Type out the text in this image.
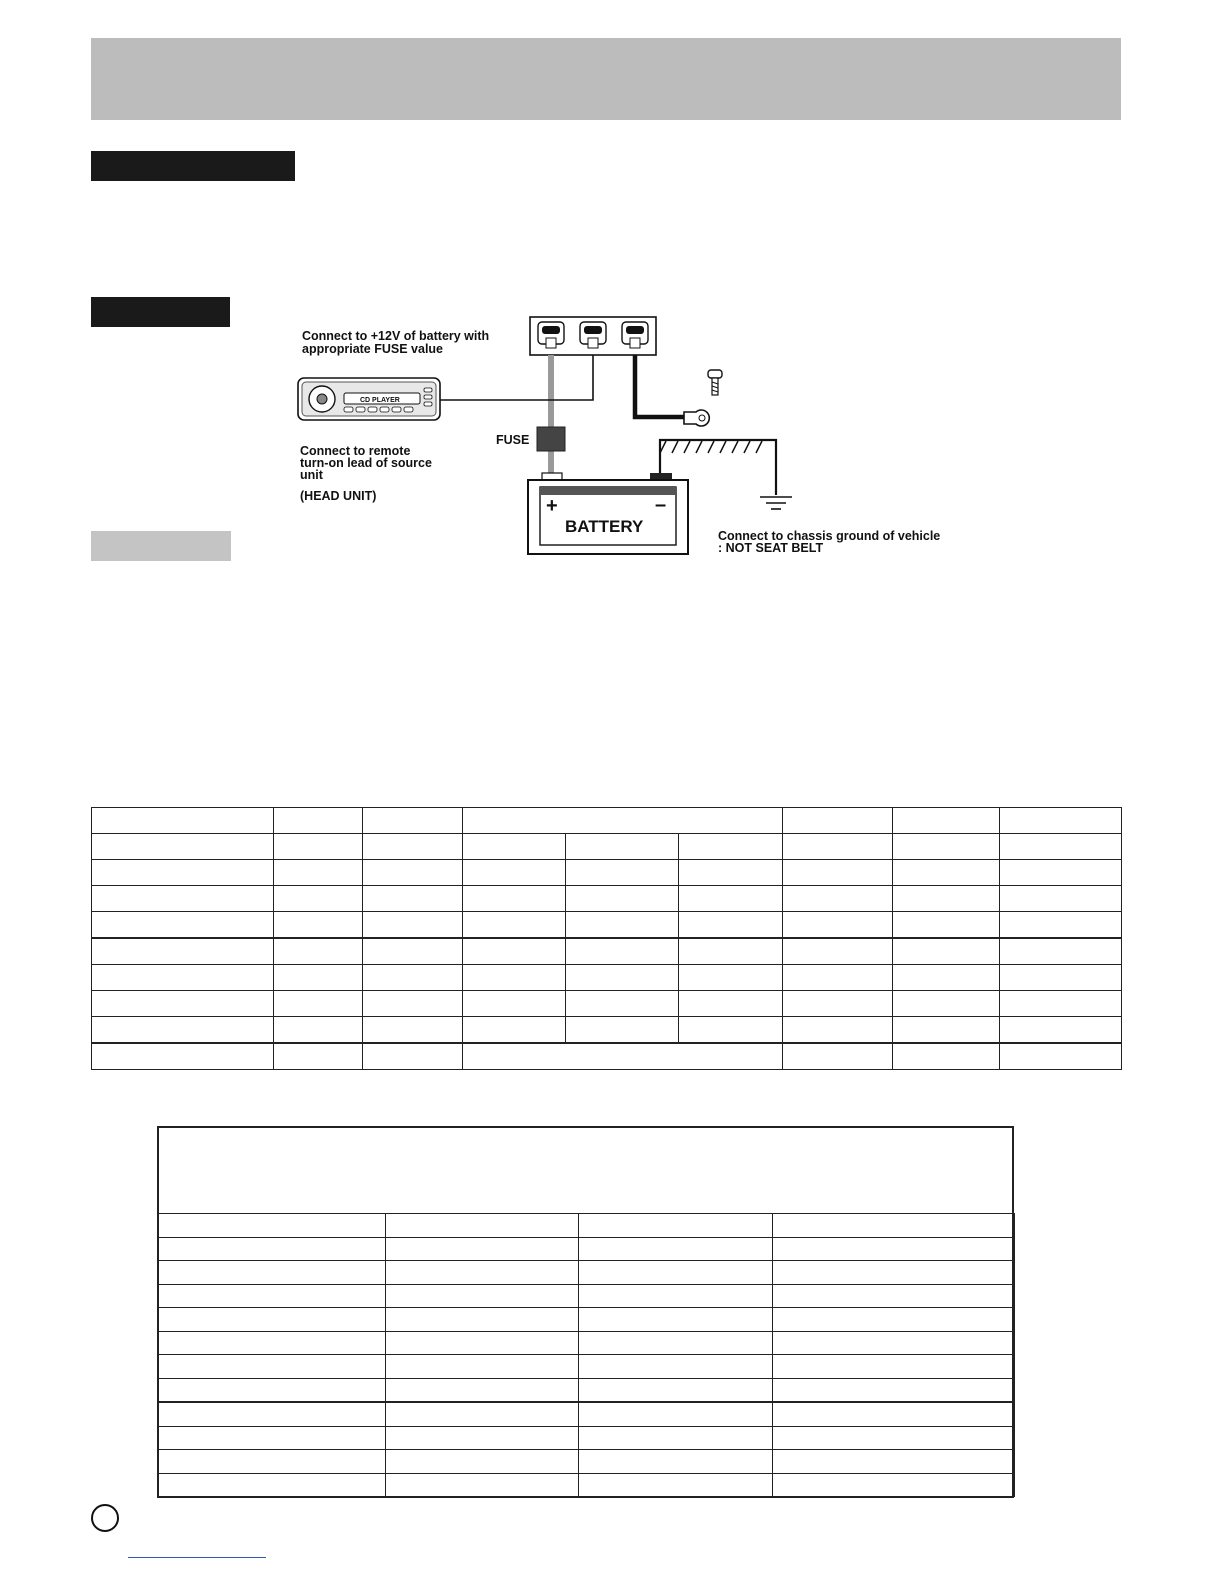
Connect to +12V of battery with
appropriate FUSE value
FUSE
CD PLAYER
Connect to remote
turn-on lead of source
unit
(HEAD UNIT)	+	–
BATTERY	Connect to chassis ground of vehicle
: NOT SEAT BELT
